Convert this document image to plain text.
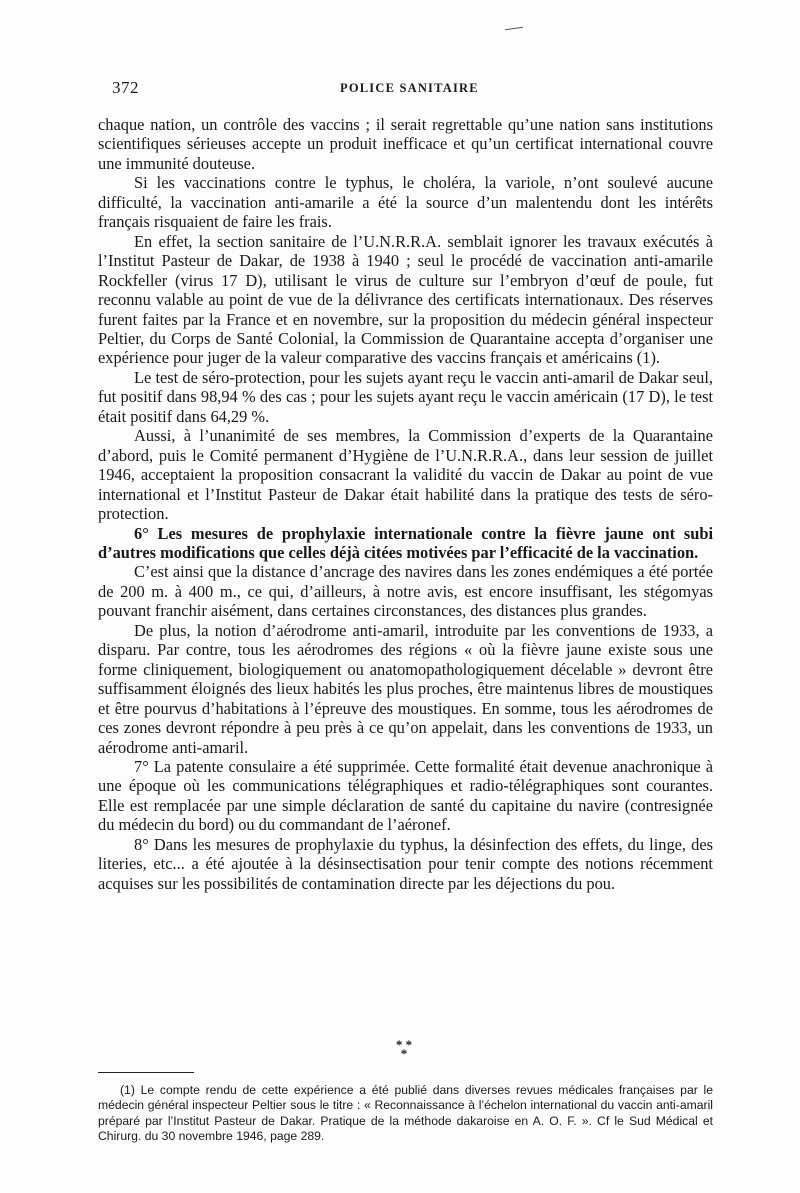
372	POLICE SANITAIRE

chaque nation, un contrôle des vaccins ; il serait regrettable qu’une nation sans institutions scientifiques sérieuses accepte un produit inefficace et qu’un certificat international couvre une immunité douteuse.

Si les vaccinations contre le typhus, le choléra, la variole, n’ont soulevé aucune difficulté, la vaccination anti-amarile a été la source d’un malentendu dont les intérêts français risquaient de faire les frais.

En effet, la section sanitaire de l’U.N.R.R.A. semblait ignorer les travaux exécutés à l’Institut Pasteur de Dakar, de 1938 à 1940 ; seul le procédé de vaccination anti-amarile Rockfeller (virus 17 D), utilisant le virus de culture sur l’embryon d’œuf de poule, fut reconnu valable au point de vue de la délivrance des certificats internationaux. Des réserves furent faites par la France et en novembre, sur la proposition du médecin général inspecteur Peltier, du Corps de Santé Colonial, la Commission de Quarantaine accepta d’organiser une expérience pour juger de la valeur comparative des vaccins français et américains (1).

Le test de séro-protection, pour les sujets ayant reçu le vaccin anti-amaril de Dakar seul, fut positif dans 98,94 % des cas ; pour les sujets ayant reçu le vaccin américain (17 D), le test était positif dans 64,29 %.

Aussi, à l’unanimité de ses membres, la Commission d’experts de la Quarantaine d’abord, puis le Comité permanent d’Hygiène de l’U.N.R.R.A., dans leur session de juillet 1946, acceptaient la proposition consacrant la validité du vaccin de Dakar au point de vue international et l’Institut Pasteur de Dakar était habilité dans la pratique des tests de séro-protection.

6° Les mesures de prophylaxie internationale contre la fièvre jaune ont subi d’autres modifications que celles déjà citées motivées par l’efficacité de la vaccination.

C’est ainsi que la distance d’ancrage des navires dans les zones endémiques a été portée de 200 m. à 400 m., ce qui, d’ailleurs, à notre avis, est encore insuffisant, les stégomyas pouvant franchir aisément, dans certaines circonstances, des distances plus grandes.

De plus, la notion d’aérodrome anti-amaril, introduite par les conventions de 1933, a disparu. Par contre, tous les aérodromes des régions « où la fièvre jaune existe sous une forme cliniquement, biologiquement ou anatomopathologiquement décelable » devront être suffisamment éloignés des lieux habités les plus proches, être maintenus libres de moustiques et être pourvus d’habitations à l’épreuve des moustiques. En somme, tous les aérodromes de ces zones devront répondre à peu près à ce qu’on appelait, dans les conventions de 1933, un aérodrome anti-amaril.

7° La patente consulaire a été supprimée. Cette formalité était devenue anachronique à une époque où les communications télégraphiques et radio-télégraphiques sont courantes. Elle est remplacée par une simple déclaration de santé du capitaine du navire (contresignée du médecin du bord) ou du commandant de l’aéronef.

8° Dans les mesures de prophylaxie du typhus, la désinfection des effets, du linge, des literies, etc... a été ajoutée à la désinsectisation pour tenir compte des notions récemment acquises sur les possibilités de contamination directe par les déjections du pou.

* * *

(1) Le compte rendu de cette expérience a été publié dans diverses revues médicales françaises par le médecin général inspecteur Peltier sous le titre : « Reconnaissance à l’échelon international du vaccin anti-amaril préparé par l’Institut Pasteur de Dakar. Pratique de la méthode dakaroise en A. O. F. ». Cf le Sud Médical et Chirurg. du 30 novembre 1946, page 289.
